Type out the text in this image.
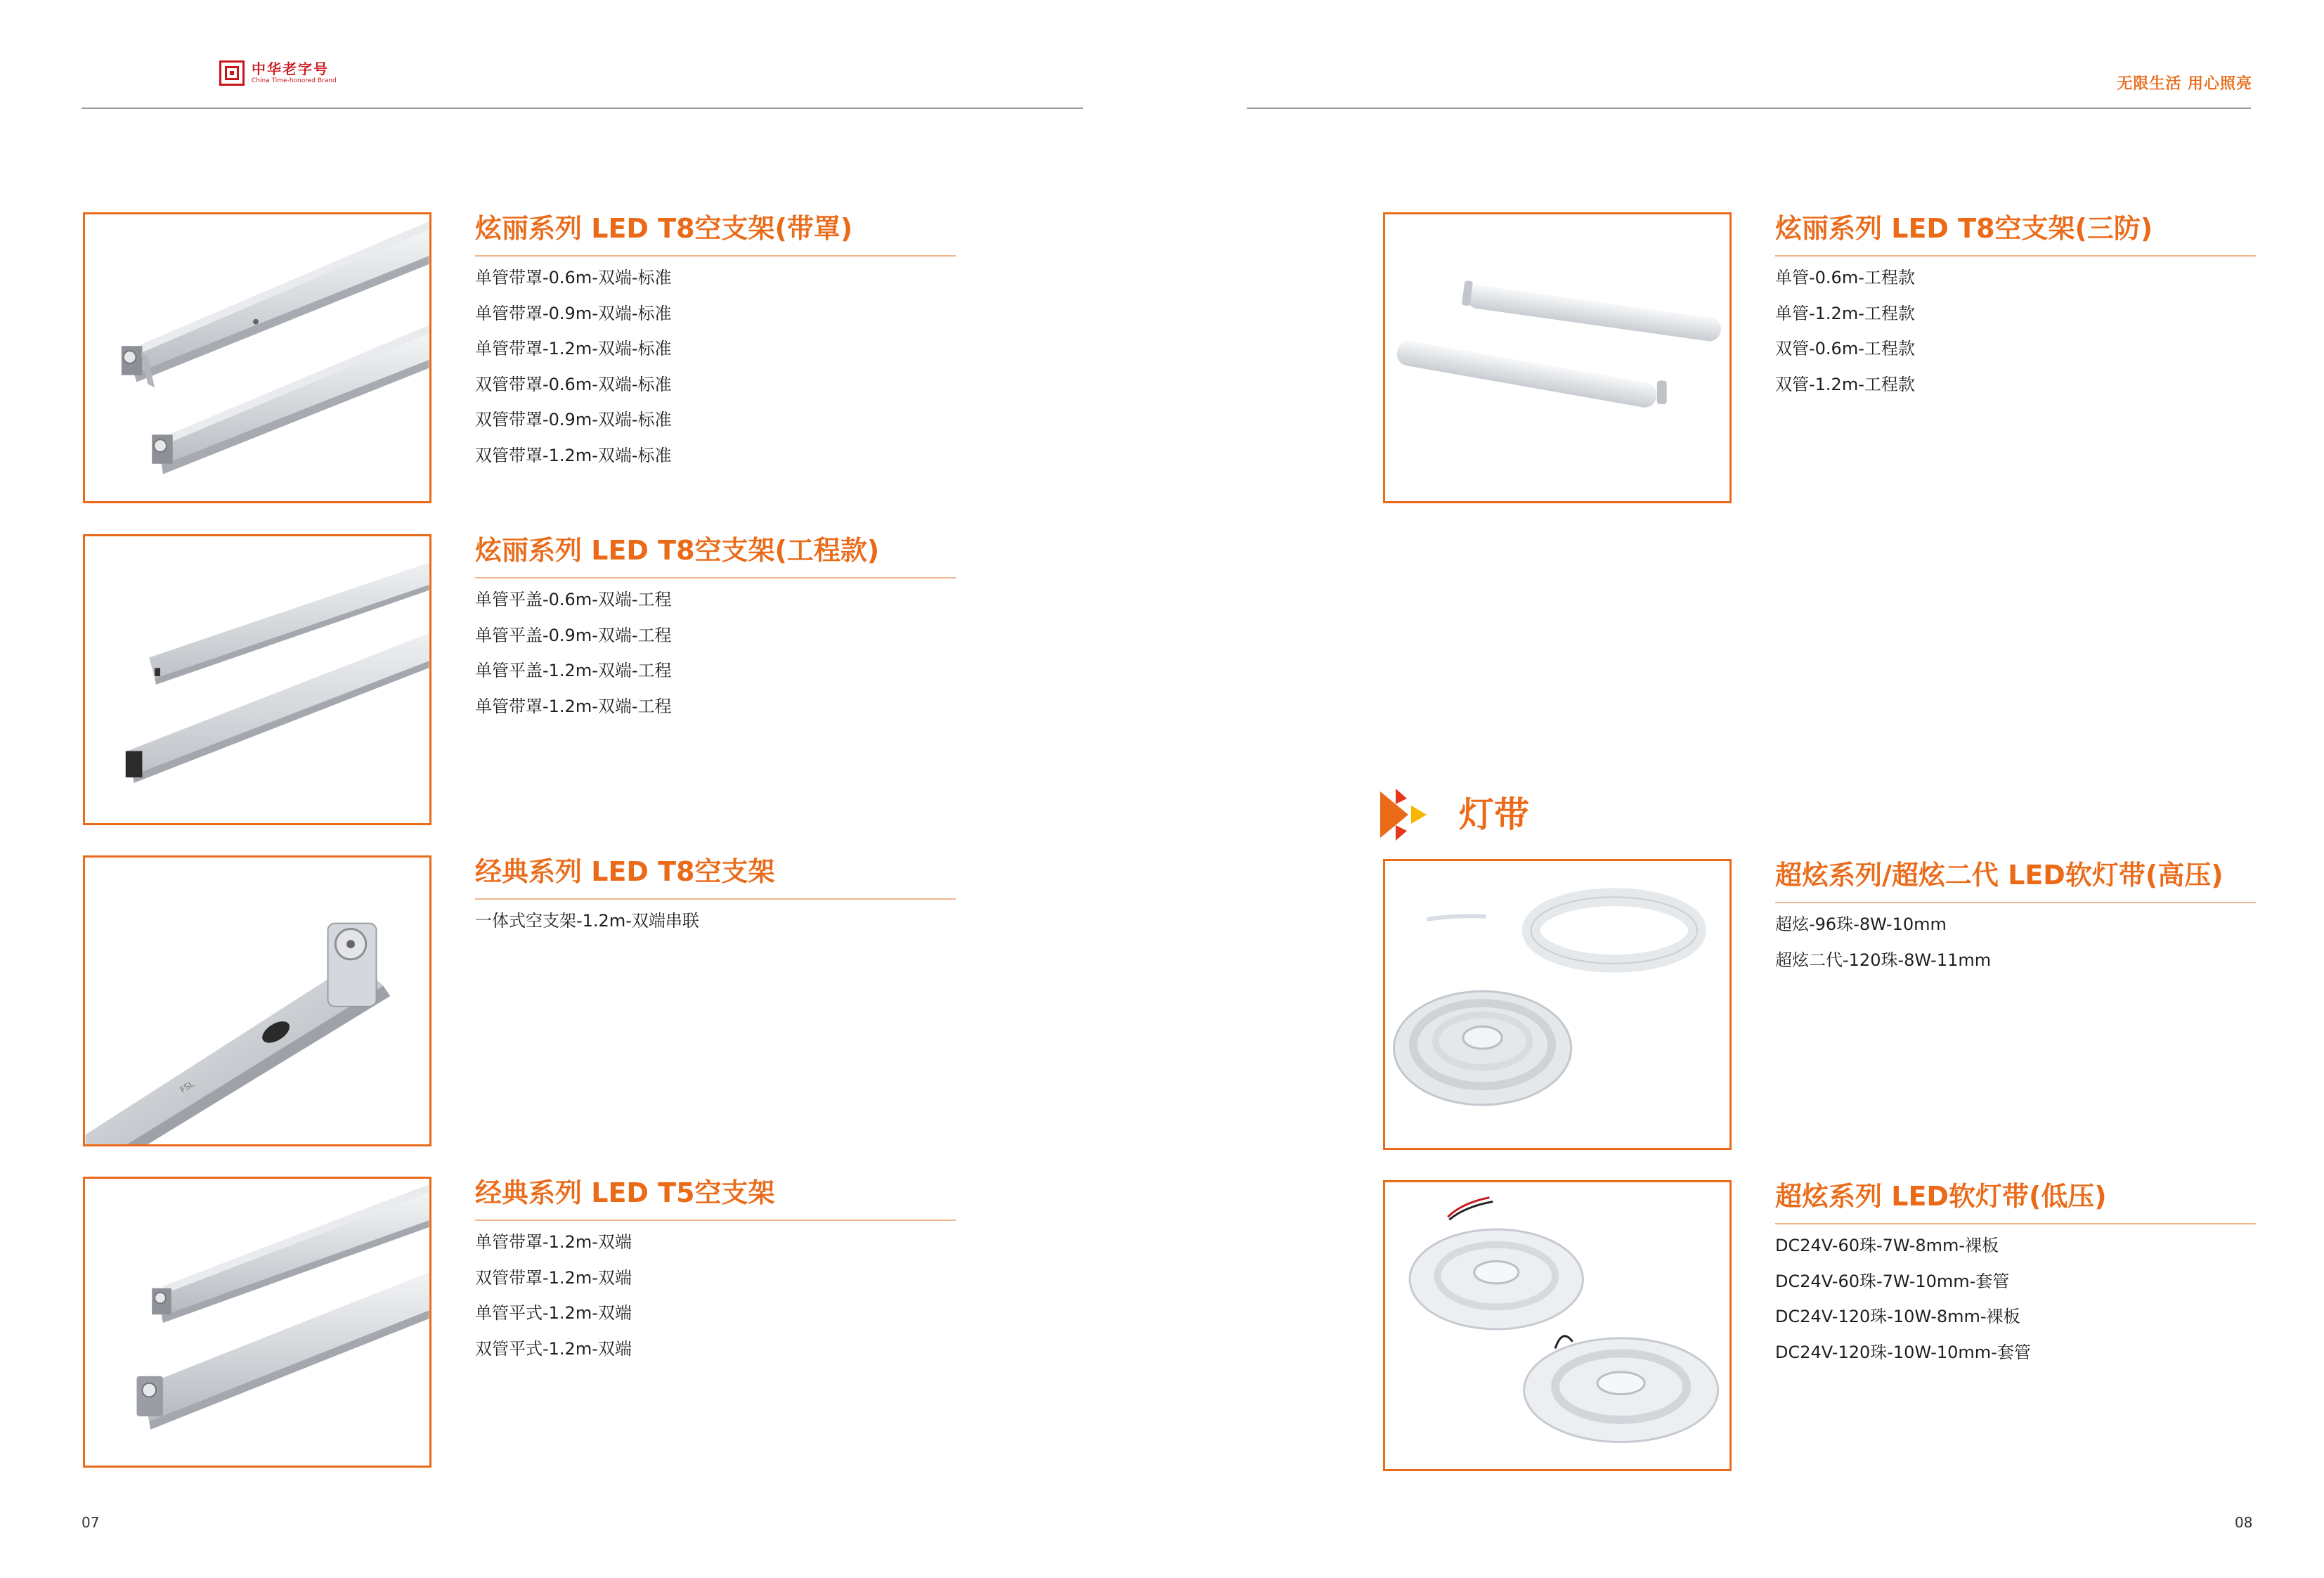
中华老字号
China Time-honored Brand	无限生活 用心照亮
炫丽系列 LED T8空支架(带罩)
单管带罩-0.6m-双端-标准
单管带罩-0.9m-双端-标准
单管带罩-1.2m-双端-标准
双管带罩-0.6m-双端-标准
双管带罩-0.9m-双端-标准
双管带罩-1.2m-双端-标准
炫丽系列 LED T8空支架(工程款)
单管平盖-0.6m-双端-工程
单管平盖-0.9m-双端-工程
单管平盖-1.2m-双端-工程
单管带罩-1.2m-双端-工程
FSL
经典系列 LED T8空支架
一体式空支架-1.2m-双端串联
经典系列 LED T5空支架
单管带罩-1.2m-双端
双管带罩-1.2m-双端
单管平式-1.2m-双端
双管平式-1.2m-双端
炫丽系列 LED T8空支架(三防)
单管-0.6m-工程款
单管-1.2m-工程款
双管-0.6m-工程款
双管-1.2m-工程款
灯带
超炫系列/超炫二代 LED软灯带(高压)
超炫-96珠-8W-10mm
超炫二代-120珠-8W-11mm
超炫系列 LED软灯带(低压)
DC24V-60珠-7W-8mm-裸板
DC24V-60珠-7W-10mm-套管
DC24V-120珠-10W-8mm-裸板
DC24V-120珠-10W-10mm-套管
07	08
